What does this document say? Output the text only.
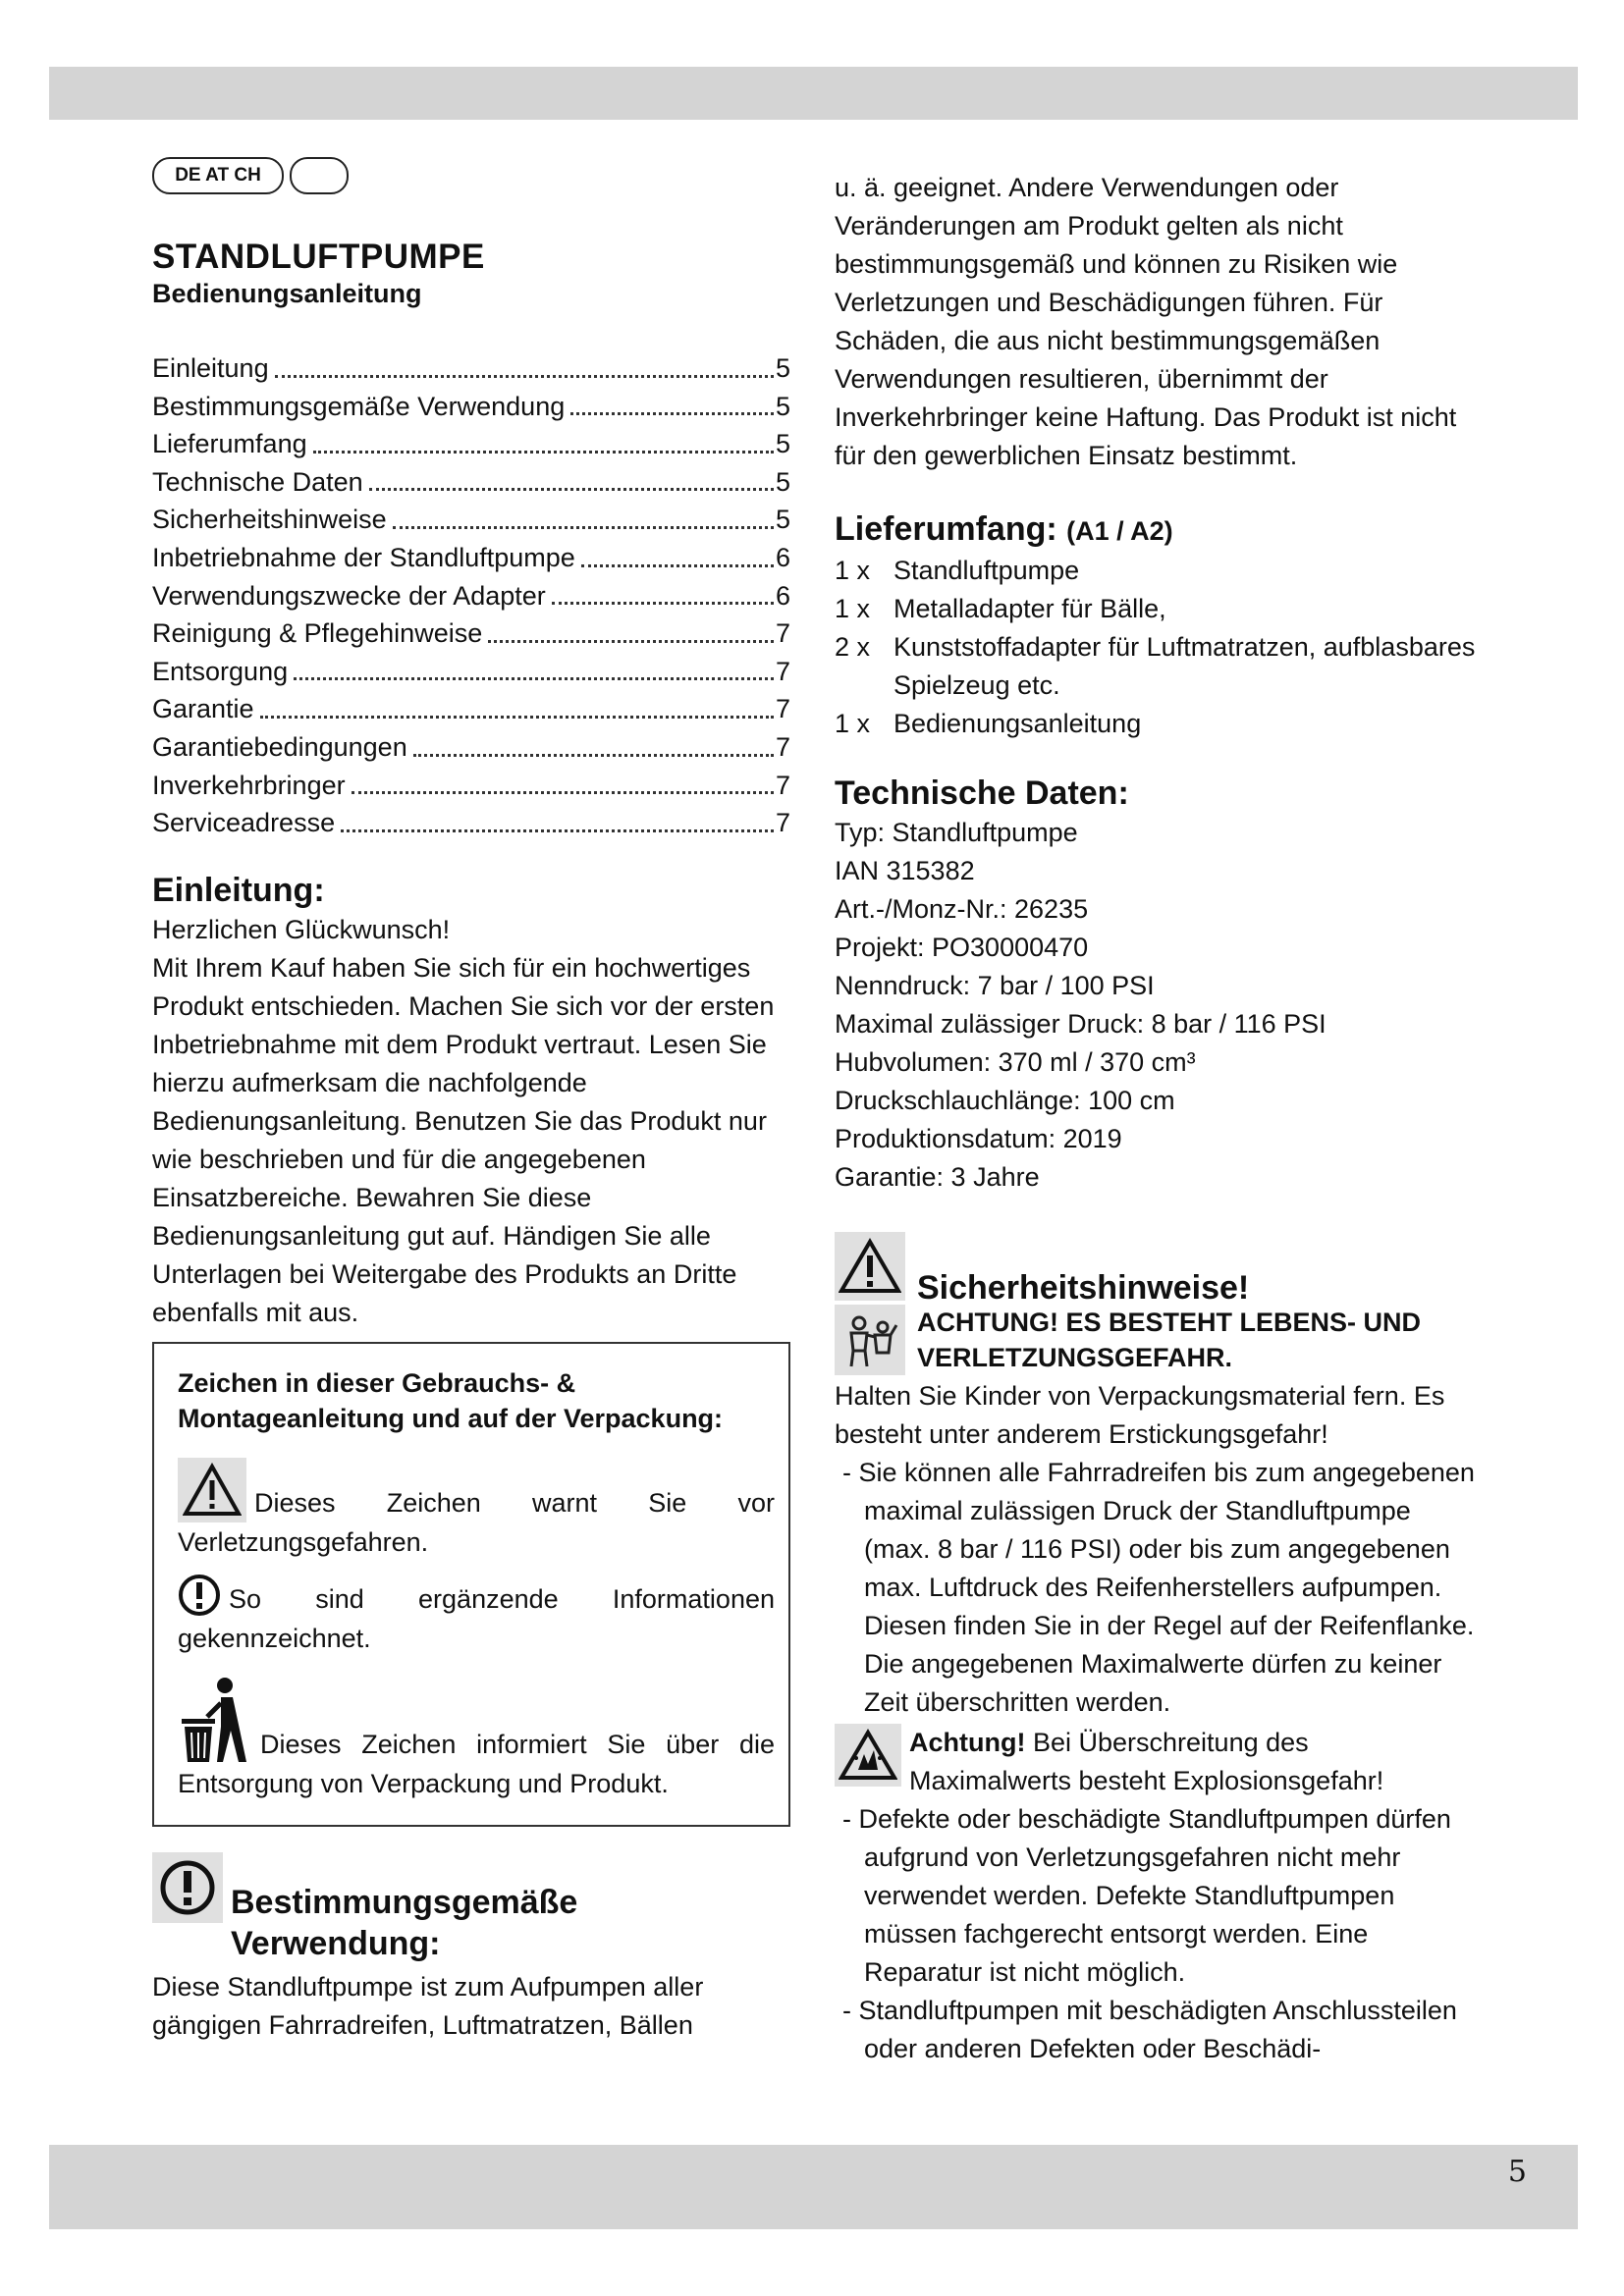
DE AT CH
STANDLUFTPUMPE

Bedienungsanleitung

Einleitung	5
Bestimmungsgemäße Verwendung	5
Lieferumfang	5
Technische Daten	5
Sicherheitshinweise	5
Inbetriebnahme der Standluftpumpe	6
Verwendungszwecke der Adapter	6
Reinigung & Pflegehinweise	7
Entsorgung	7
Garantie	7
Garantiebedingungen	7
Inverkehrbringer	7
Serviceadresse	7
Einleitung:

Herzlichen Glückwunsch!

Mit Ihrem Kauf haben Sie sich für ein hochwertiges Produkt entschieden. Machen Sie sich vor der ersten Inbetriebnahme mit dem Produkt vertraut. Lesen Sie hierzu aufmerksam die nachfolgende Bedienungsanleitung. Benutzen Sie das Produkt nur wie beschrieben und für die angegebenen Einsatzbereiche. Bewahren Sie diese Bedienungsanleitung gut auf. Händigen Sie alle Unterlagen bei Weitergabe des Produkts an Dritte ebenfalls mit aus.

Zeichen in dieser Gebrauchs- & Montageanleitung und auf der Verpackung:

Dieses Zeichen warnt Sie vor Verletzungsgefahren.
So sind ergänzende Informationen gekennzeichnet.
Dieses Zeichen informiert Sie über die Entsorgung von Verpackung und Produkt.
Bestimmungsgemäße Verwendung:

Diese Standluftpumpe ist zum Aufpumpen aller gängigen Fahrradreifen, Luftmatratzen, Bällen

u. ä. geeignet. Andere Verwendungen oder Veränderungen am Produkt gelten als nicht bestimmungsgemäß und können zu Risiken wie Verletzungen und Beschädigungen führen. Für Schäden, die aus nicht bestimmungsgemäßen Verwendungen resultieren, übernimmt der Inverkehrbringer keine Haftung. Das Produkt ist nicht für den gewerblichen Einsatz bestimmt.

Lieferumfang: (A1 / A2)
1 x Standluftpumpe
1 x Metalladapter für Bälle,
2 x Kunststoffadapter für Luftmatratzen, aufblasbares Spielzeug etc.
1 x Bedienungsanleitung
Technische Daten:

Typ: Standluftpumpe

IAN 315382

Art.-/Monz-Nr.: 26235

Projekt: PO30000470

Nenndruck: 7 bar / 100 PSI

Maximal zulässiger Druck: 8 bar / 116 PSI

Hubvolumen: 370 ml / 370 cm³

Druckschlauchlänge: 100 cm

Produktionsdatum: 2019

Garantie: 3 Jahre

Sicherheitshinweise!

ACHTUNG! ES BESTEHT LEBENS- UND VERLETZUNGSGEFAHR.

Halten Sie Kinder von Verpackungsmaterial fern. Es besteht unter anderem Erstickungsgefahr!

- Sie können alle Fahrradreifen bis zum angegebenen maximal zulässigen Druck der Standluftpumpe (max. 8 bar / 116 PSI) oder bis zum angegebenen max. Luftdruck des Reifenherstellers aufpumpen. Diesen finden Sie in der Regel auf der Reifenflanke. Die angegebenen Maximalwerte dürfen zu keiner Zeit überschritten werden.

Achtung! Bei Überschreitung des Maximalwerts besteht Explosionsgefahr!

- Defekte oder beschädigte Standluftpumpen dürfen aufgrund von Verletzungsgefahren nicht mehr verwendet werden. Defekte Standluftpumpen müssen fachgerecht entsorgt werden. Eine Reparatur ist nicht möglich.

- Standluftpumpen mit beschädigten Anschlussteilen oder anderen Defekten oder Beschädi-

5
